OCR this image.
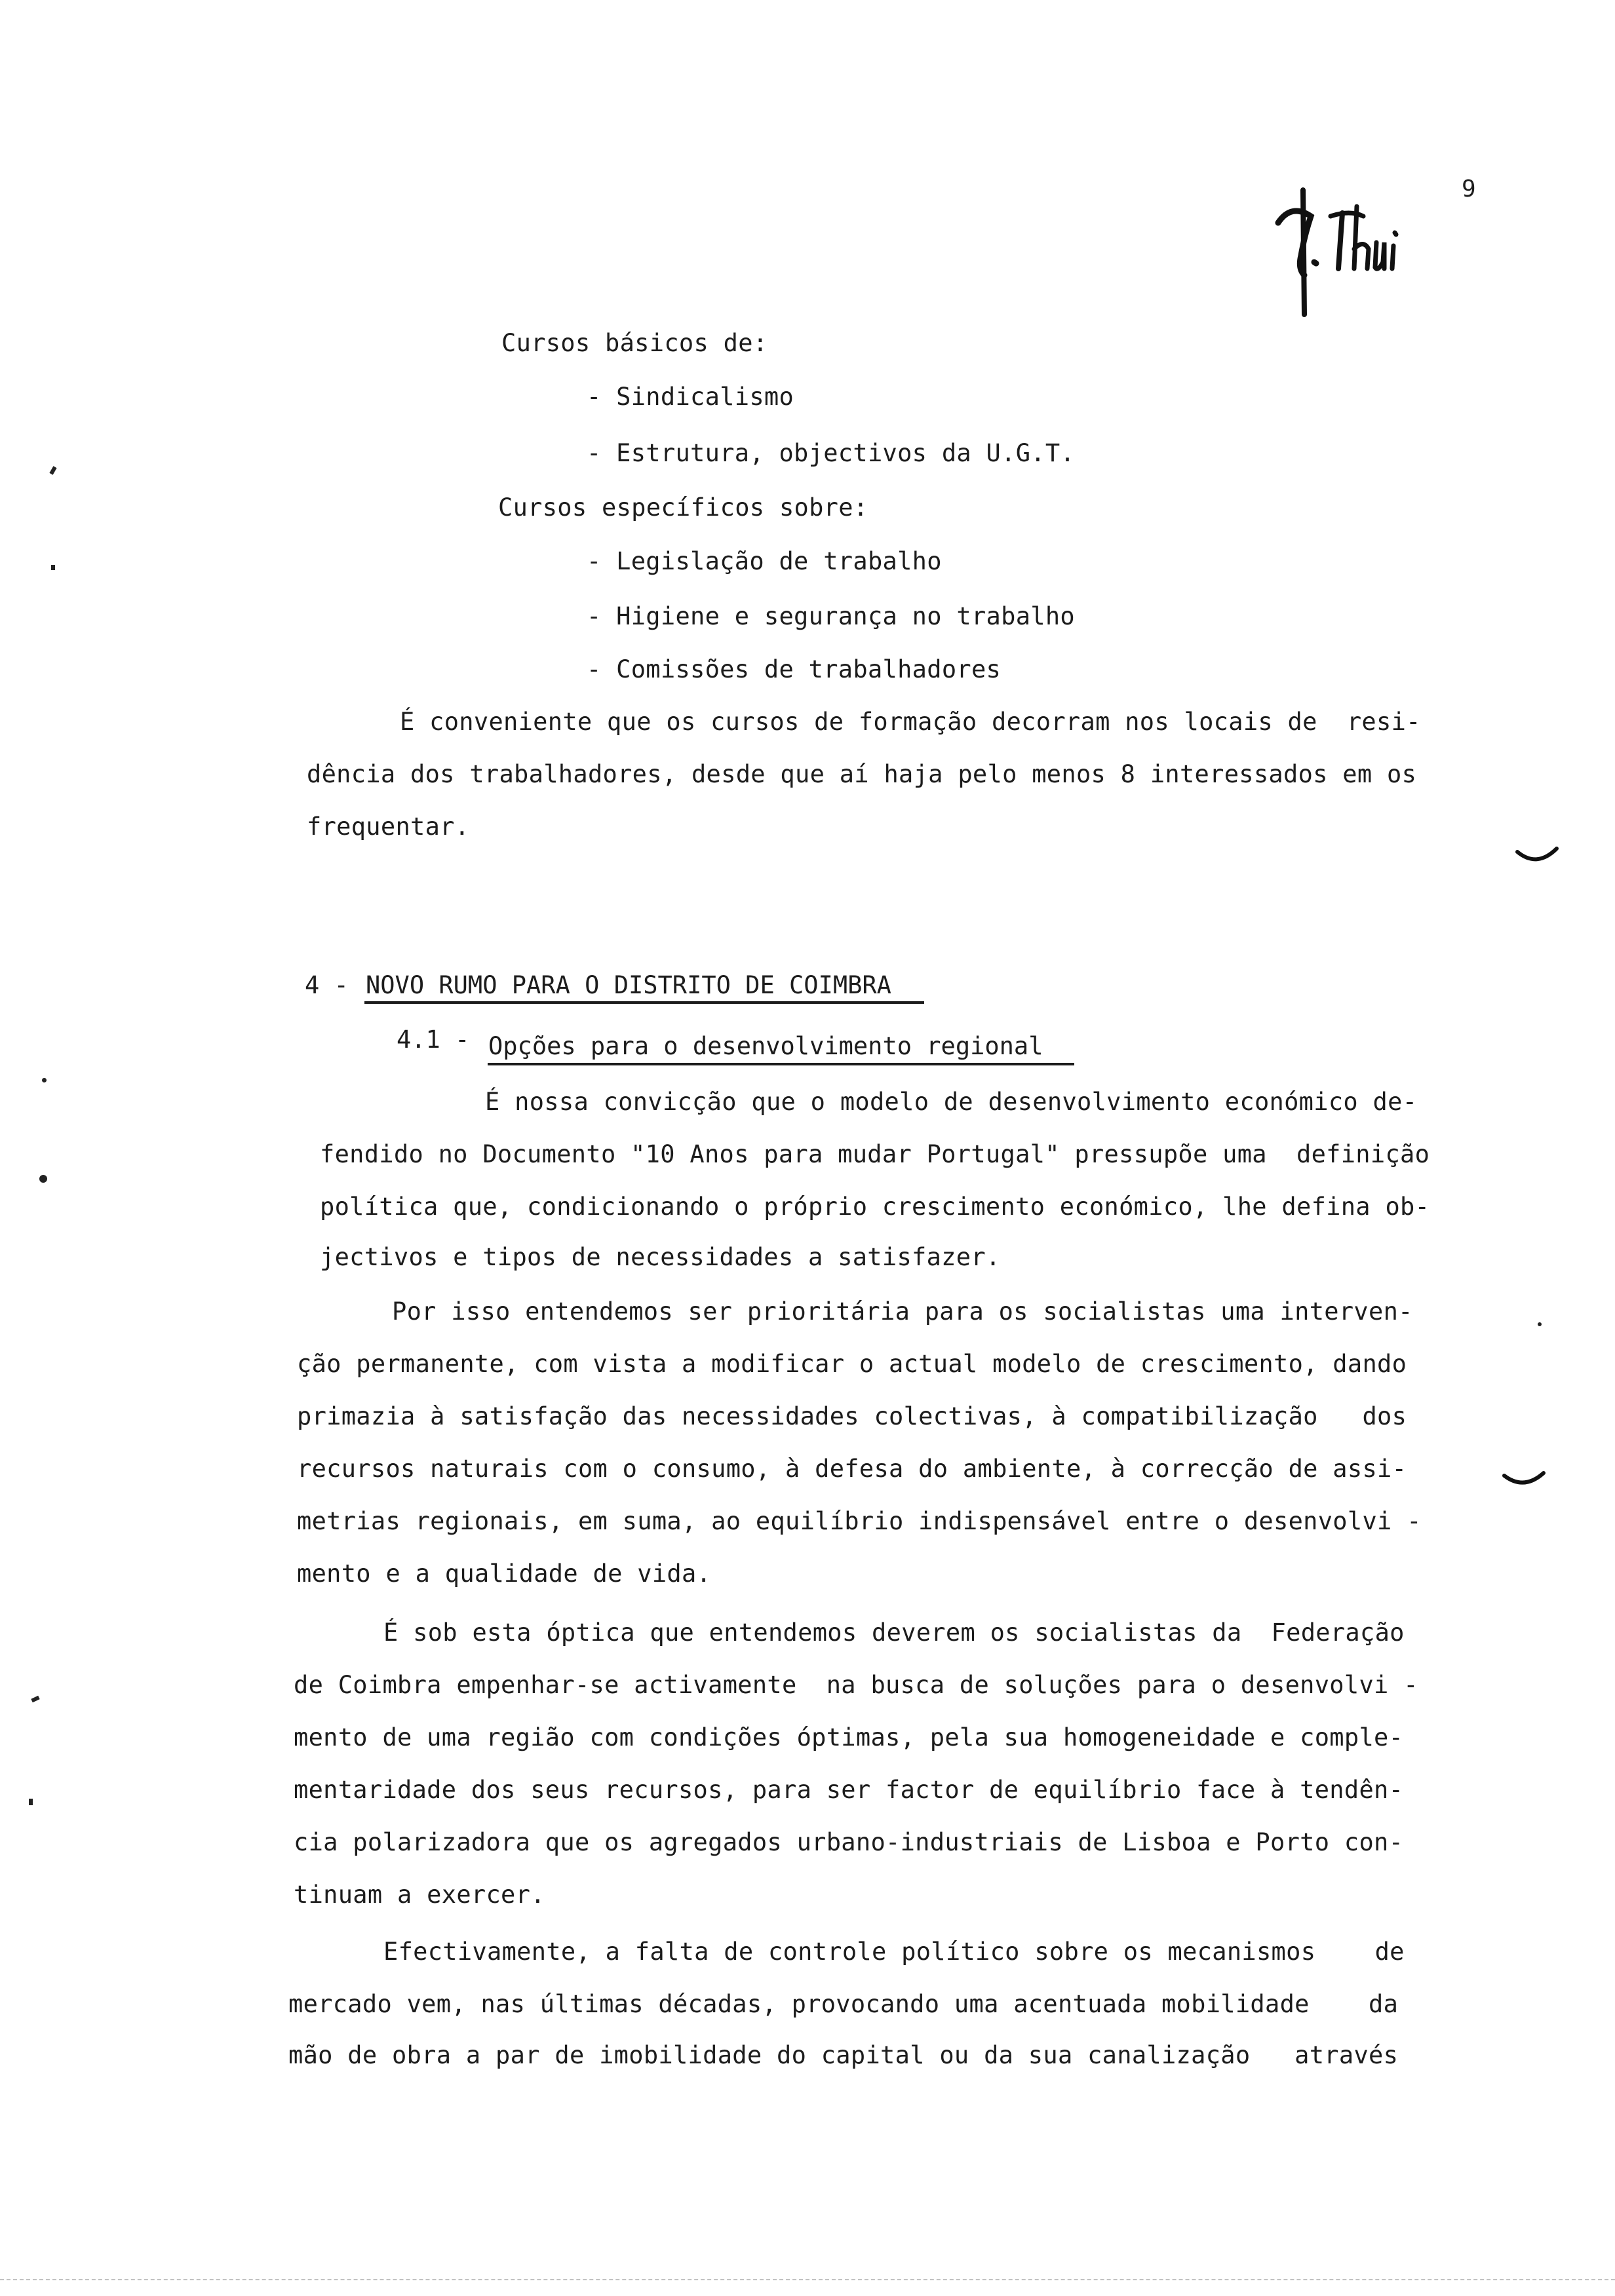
9
Cursos básicos de:
- Sindicalismo
- Estrutura, objectivos da U.G.T.
Cursos específicos sobre:
- Legislação de trabalho
- Higiene e segurança no trabalho
- Comissões de trabalhadores
É conveniente que os cursos de formação decorram nos locais de  resi-
dência dos trabalhadores, desde que aí haja pelo menos 8 interessados em os
frequentar.
4 - NOVO RUMO PARA O DISTRITO DE COIMBRA
4.1 - Opções para o desenvolvimento regional
É nossa convicção que o modelo de desenvolvimento económico de-
fendido no Documento "10 Anos para mudar Portugal" pressupõe uma  definição
política que, condicionando o próprio crescimento económico, lhe defina ob-
jectivos e tipos de necessidades a satisfazer.
Por isso entendemos ser prioritária para os socialistas uma interven-
ção permanente, com vista a modificar o actual modelo de crescimento, dando
primazia à satisfação das necessidades colectivas, à compatibilização   dos
recursos naturais com o consumo, à defesa do ambiente, à correcção de assi-
metrias regionais, em suma, ao equilíbrio indispensável entre o desenvolvi -
mento e a qualidade de vida.
É sob esta óptica que entendemos deverem os socialistas da  Federação
de Coimbra empenhar-se activamente  na busca de soluções para o desenvolvi -
mento de uma região com condições óptimas, pela sua homogeneidade e comple-
mentaridade dos seus recursos, para ser factor de equilíbrio face à tendên-
cia polarizadora que os agregados urbano-industriais de Lisboa e Porto con-
tinuam a exercer.
Efectivamente, a falta de controle político sobre os mecanismos    de
mercado vem, nas últimas décadas, provocando uma acentuada mobilidade    da
mão de obra a par de imobilidade do capital ou da sua canalização   através
